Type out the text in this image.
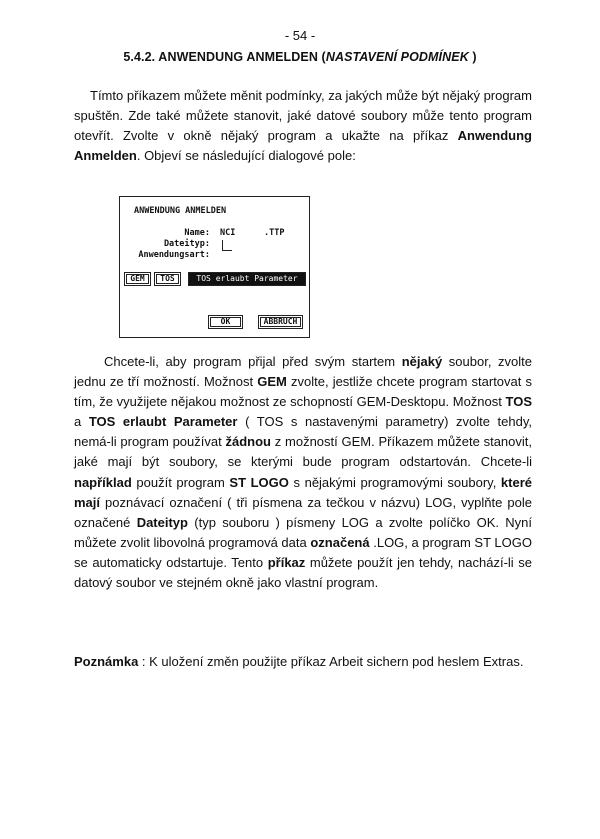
- 54 -
5.4.2. ANWENDUNG ANMELDEN (NASTAVENÍ PODMÍNEK )
Tímto příkazem můžete měnit podmínky, za jakých může být nějaký program spuštěn. Zde také můžete stanovit, jaké datové soubory může tento program otevřít. Zvolte v okně nějaký program a ukažte na příkaz Anwendung Anmelden. Objeví se následující dialogové pole:
ANWENDUNG ANMELDEN
Name: NCI	.TTP
Dateityp:
Anwendungsart:
GEM	TOS	TOS erlaubt Parameter
OK	ABBRUCH
Chcete-li, aby program přijal před svým startem nějaký soubor, zvolte jednu ze tří možností. Možnost GEM zvolte, jestliže chcete program startovat s tím, že využijete nějakou možnost ze schopností GEM-Desktopu. Možnost TOS a TOS erlaubt Parameter ( TOS s nastavenými parametry) zvolte tehdy, nemá-li program používat žádnou z možností GEM. Příkazem můžete stanovit, jaké mají být soubory, se kterými bude program odstartován. Chcete-li například použít program ST LOGO s nějakými programovými soubory, které mají poznávací označení ( tři písmena za tečkou v názvu) LOG, vyplňte pole označené Dateityp (typ souboru ) písmeny LOG a zvolte políčko OK. Nyní můžete zvolit libovolná programová data označená .LOG, a program ST LOGO se automaticky odstartuje. Tento příkaz můžete použít jen tehdy, nachází-li se datový soubor ve stejném okně jako vlastní program.
Poznámka : K uložení změn použijte příkaz Arbeit sichern pod heslem Extras.
